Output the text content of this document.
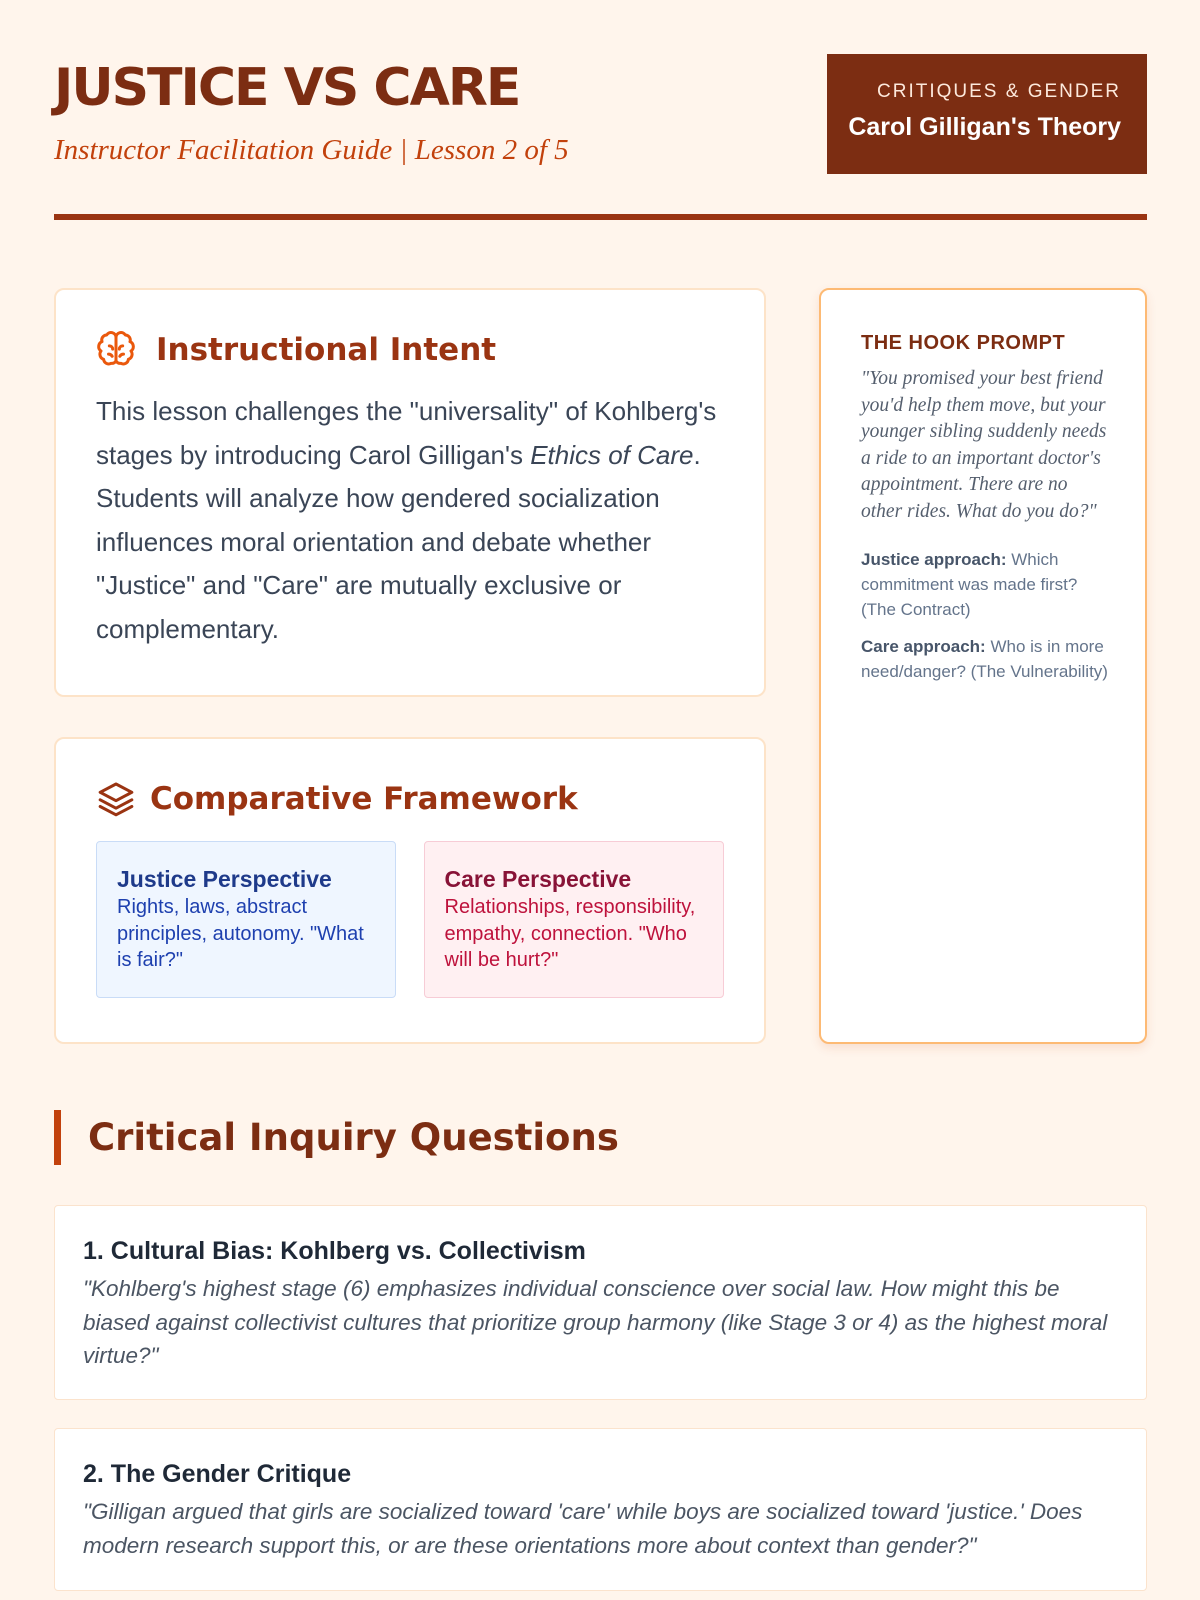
JUSTICE VS CARE

Instructor Facilitation Guide | Lesson 2 of 5

CRITIQUES & GENDER
Carol Gilligan's Theory
Instructional Intent

This lesson challenges the "universality" of Kohlberg's stages by introducing Carol Gilligan's Ethics of Care. Students will analyze how gendered socialization influences moral orientation and debate whether "Justice" and "Care" are mutually exclusive or complementary.

Comparative Framework
Justice Perspective
Rights, laws, abstract principles, autonomy. "What is fair?"
Care Perspective
Relationships, responsibility, empathy, connection. "Who will be hurt?"
THE HOOK PROMPT

"You promised your best friend you'd help them move, but your younger sibling suddenly needs a ride to an important doctor's appointment. There are no other rides. What do you do?"

Justice approach: Which commitment was made first? (The Contract)

Care approach: Who is in more need/danger? (The Vulnerability)

Critical Inquiry Questions
1. Cultural Bias: Kohlberg vs. Collectivism

"Kohlberg's highest stage (6) emphasizes individual conscience over social law. How might this be biased against collectivist cultures that prioritize group harmony (like Stage 3 or 4) as the highest moral virtue?"

2. The Gender Critique

"Gilligan argued that girls are socialized toward 'care' while boys are socialized toward 'justice.' Does modern research support this, or are these orientations more about context than gender?"
